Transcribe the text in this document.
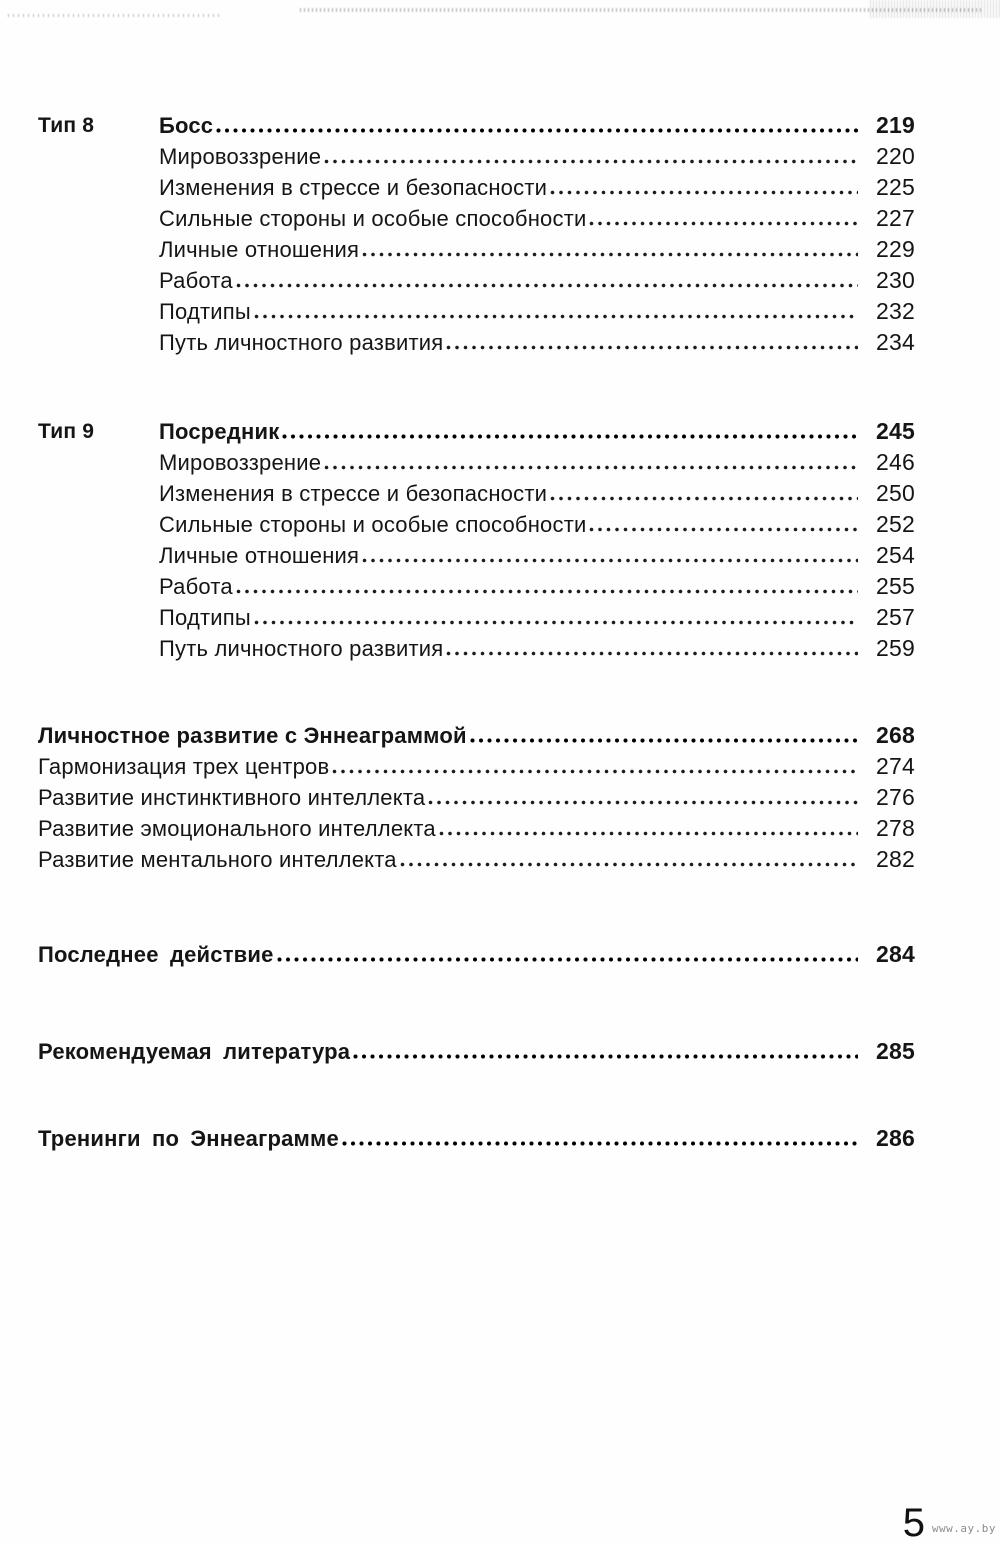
Тип 8	Босс	219
Мировоззрение	220
Изменения в стрессе и безопасности	225
Сильные стороны и особые способности	227
Личные отношения	229
Работа	230
Подтипы	232
Путь личностного развития	234
Тип 9	Посредник	245
Мировоззрение	246
Изменения в стрессе и безопасности	250
Сильные стороны и особые способности	252
Личные отношения	254
Работа	255
Подтипы	257
Путь личностного развития	259
Личностное развитие с Эннеаграммой	268
Гармонизация трех центров	274
Развитие инстинктивного интеллекта	276
Развитие эмоционального интеллекта	278
Развитие ментального интеллекта	282
Последнее действие	284
Рекомендуемая литература	285
Тренинги по Эннеаграмме	286
5 www.ay.by
